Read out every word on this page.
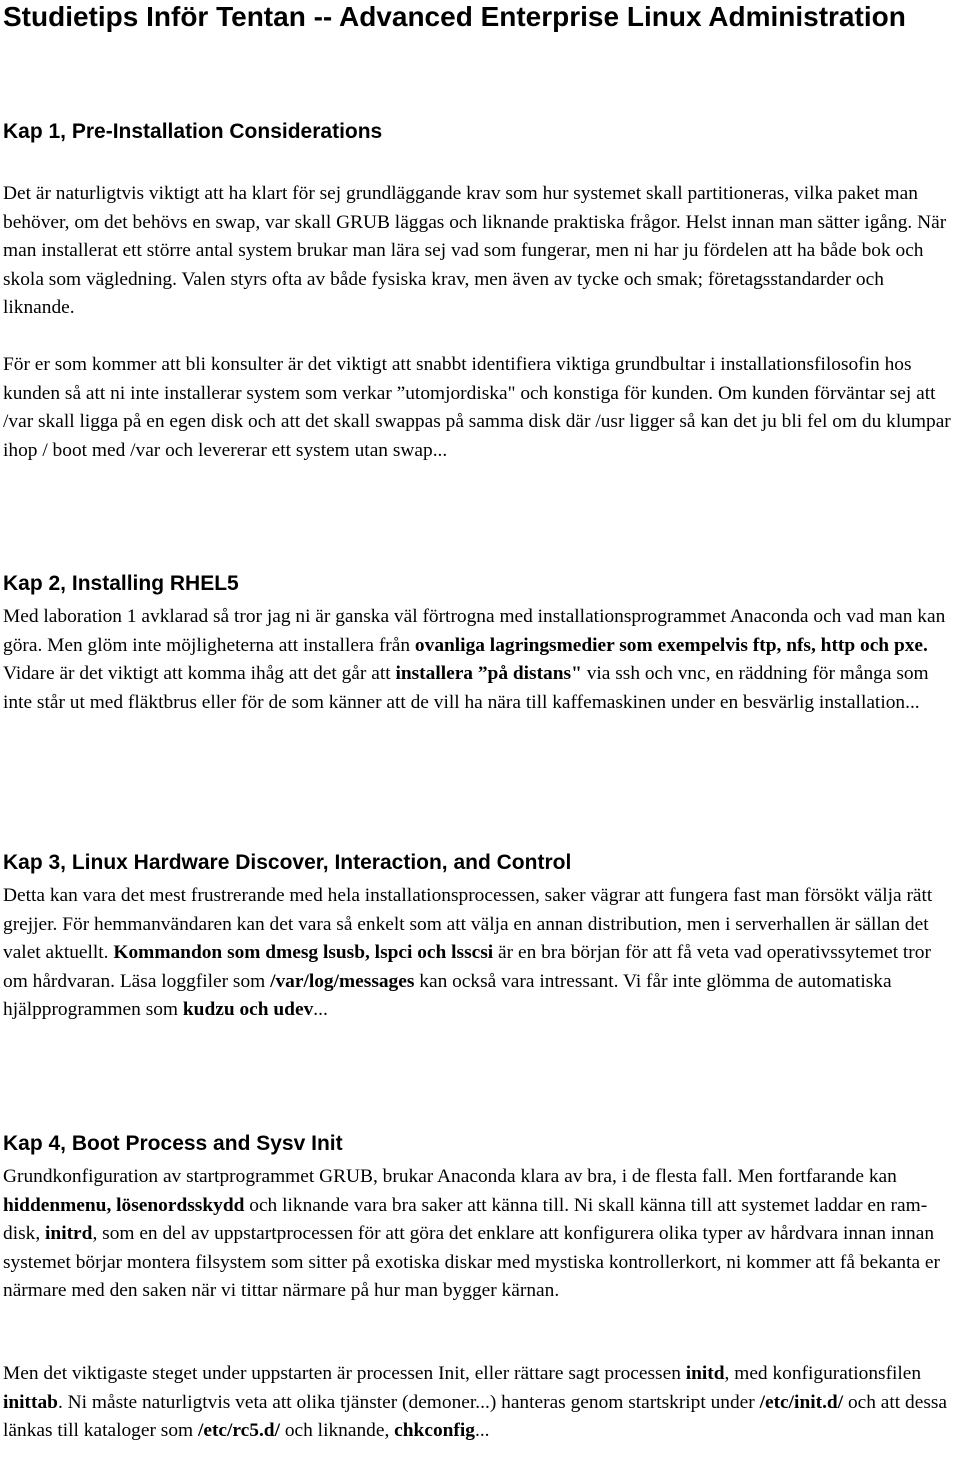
Studietips Inför Tentan -- Advanced Enterprise Linux Administration
Kap 1, Pre-Installation Considerations

Det är naturligtvis viktigt att ha klart för sej grundläggande krav som hur systemet skall partitioneras, vilka paket man behöver, om det behövs en swap, var skall GRUB läggas och liknande praktiska frågor. Helst innan man sätter igång. När man installerat ett större antal system brukar man lära sej vad som fungerar, men ni har ju fördelen att ha både bok och skola som vägledning. Valen styrs ofta av både fysiska krav, men även av tycke och smak; företagsstandarder och liknande.

För er som kommer att bli konsulter är det viktigt att snabbt identifiera viktiga grundbultar i installationsfilosofin hos kunden så att ni inte installerar system som verkar ”utomjordiska" och konstiga för kunden. Om kunden förväntar sej att /var skall ligga på en egen disk och att det skall swappas på samma disk där /usr ligger så kan det ju bli fel om du klumpar ihop / boot med /var och levererar ett system utan swap...

Kap 2, Installing RHEL5

Med laboration 1 avklarad så tror jag ni är ganska väl förtrogna med installationsprogrammet Anaconda och vad man kan göra. Men glöm inte möjligheterna att installera från ovanliga lagringsmedier som exempelvis ftp, nfs, http och pxe. Vidare är det viktigt att komma ihåg att det går att installera ”på distans" via ssh och vnc, en räddning för många som inte står ut med fläktbrus eller för de som känner att de vill ha nära till kaffemaskinen under en besvärlig installation...

Kap 3, Linux Hardware Discover, Interaction, and Control

Detta kan vara det mest frustrerande med hela installationsprocessen, saker vägrar att fungera fast man försökt välja rätt grejjer. För hemmanvändaren kan det vara så enkelt som att välja en annan distribution, men i serverhallen är sällan det valet aktuellt. Kommandon som dmesg lsusb, lspci och lsscsi är en bra början för att få veta vad operativssytemet tror om hårdvaran. Läsa loggfiler som /var/log/messages kan också vara intressant. Vi får inte glömma de automatiska hjälpprogrammen som kudzu och udev...

Kap 4, Boot Process and Sysv Init

Grundkonfiguration av startprogrammet GRUB, brukar Anaconda klara av bra, i de flesta fall. Men fortfarande kan hiddenmenu, lösenordsskydd och liknande vara bra saker att känna till. Ni skall känna till att systemet laddar en ram-disk, initrd, som en del av uppstartprocessen för att göra det enklare att konfigurera olika typer av hårdvara innan innan systemet börjar montera filsystem som sitter på exotiska diskar med mystiska kontrollerkort, ni kommer att få bekanta er närmare med den saken när vi tittar närmare på hur man bygger kärnan.

Men det viktigaste steget under uppstarten är processen Init, eller rättare sagt processen initd, med konfigurationsfilen inittab. Ni måste naturligtvis veta att olika tjänster (demoner...) hanteras genom startskript under /etc/init.d/ och att dessa länkas till kataloger som /etc/rc5.d/ och liknande, chkconfig...
